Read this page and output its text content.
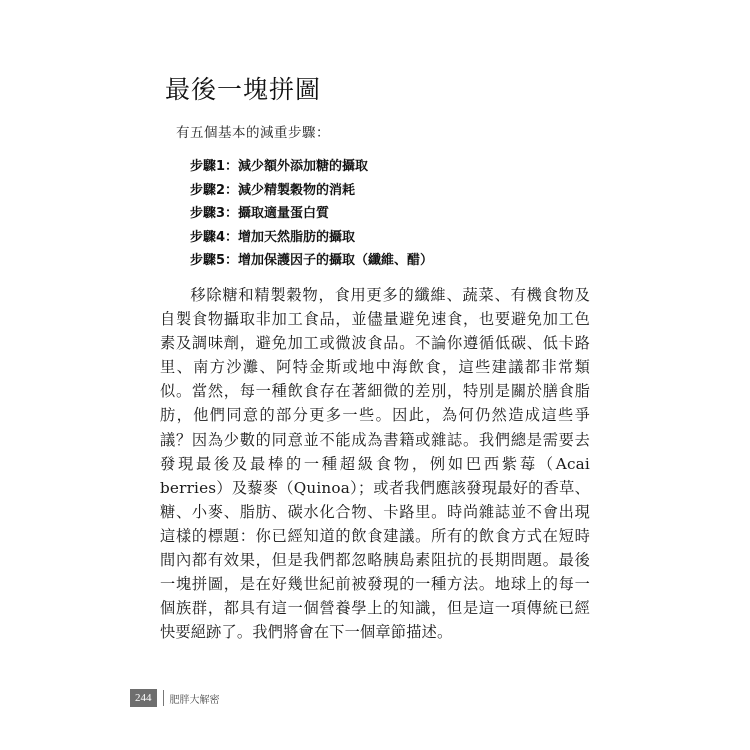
最後一塊拼圖
有五個基本的減重步驟：
步驟1：減少額外添加糖的攝取
步驟2：減少精製穀物的消耗
步驟3：攝取適量蛋白質
步驟4：增加天然脂肪的攝取
步驟5：增加保護因子的攝取（纖維、醋）

移除糖和精製穀物，食用更多的纖維、蔬菜、有機食物及自製食物攝取非加工食品，並儘量避免速食，也要避免加工色素及調味劑，避免加工或微波食品。不論你遵循低碳、低卡路里、南方沙灘、阿特金斯或地中海飲食，這些建議都非常類似。當然，每一種飲食存在著細微的差別，特別是關於膳食脂肪，他們同意的部分更多一些。因此，為何仍然造成這些爭議？因為少數的同意並不能成為書籍或雜誌。我們總是需要去發現最後及最棒的一種超級食物，例如巴西紫莓（Acai berries）及藜麥（Quinoa）；或者我們應該發現最好的香草、糖、小麥、脂肪、碳水化合物、卡路里。時尚雜誌並不會出現這樣的標題：你已經知道的飲食建議。所有的飲食方式在短時間內都有效果，但是我們都忽略胰島素阻抗的長期問題。最後一塊拼圖，是在好幾世紀前被發現的一種方法。地球上的每一個族群，都具有這一個營養學上的知識，但是這一項傳統已經快要絕跡了。我們將會在下一個章節描述。

244	肥胖大解密
